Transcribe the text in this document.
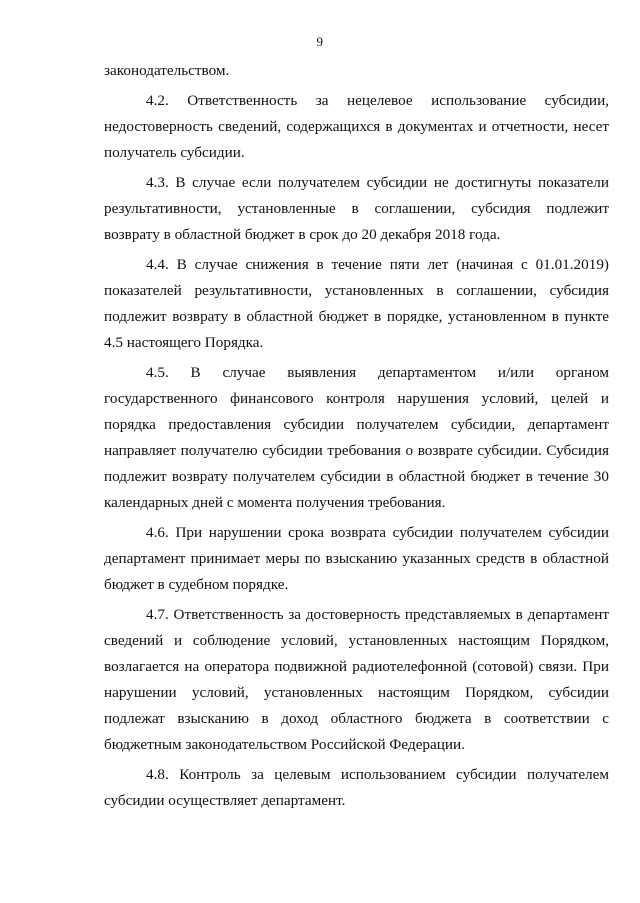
9
законодательством.
4.2. Ответственность за нецелевое использование субсидии,
недостоверность сведений, содержащихся в документах и отчетности, несет
получатель субсидии.
4.3. В случае если получателем субсидии не достигнуты показатели
результативности, установленные в соглашении, субсидия подлежит
возврату в областной бюджет в срок до 20 декабря 2018 года.
4.4. В случае снижения в течение пяти лет (начиная с 01.01.2019)
показателей результативности, установленных в соглашении, субсидия
подлежит возврату в областной бюджет в порядке, установленном в пункте
4.5 настоящего Порядка.
4.5. В случае выявления департаментом и/или органом
государственного финансового контроля нарушения условий, целей и
порядка предоставления субсидии получателем субсидии, департамент
направляет получателю субсидии требования о возврате субсидии. Субсидия
подлежит возврату получателем субсидии в областной бюджет в течение 30
календарных дней с момента получения требования.
4.6. При нарушении срока возврата субсидии получателем субсидии
департамент принимает меры по взысканию указанных средств в областной
бюджет в судебном порядке.
4.7. Ответственность за достоверность представляемых в департамент
сведений и соблюдение условий, установленных настоящим Порядком,
возлагается на оператора подвижной радиотелефонной (сотовой) связи. При
нарушении условий, установленных настоящим Порядком, субсидии
подлежат взысканию в доход областного бюджета в соответствии с
бюджетным законодательством Российской Федерации.
4.8. Контроль за целевым использованием субсидии получателем
субсидии осуществляет департамент.
